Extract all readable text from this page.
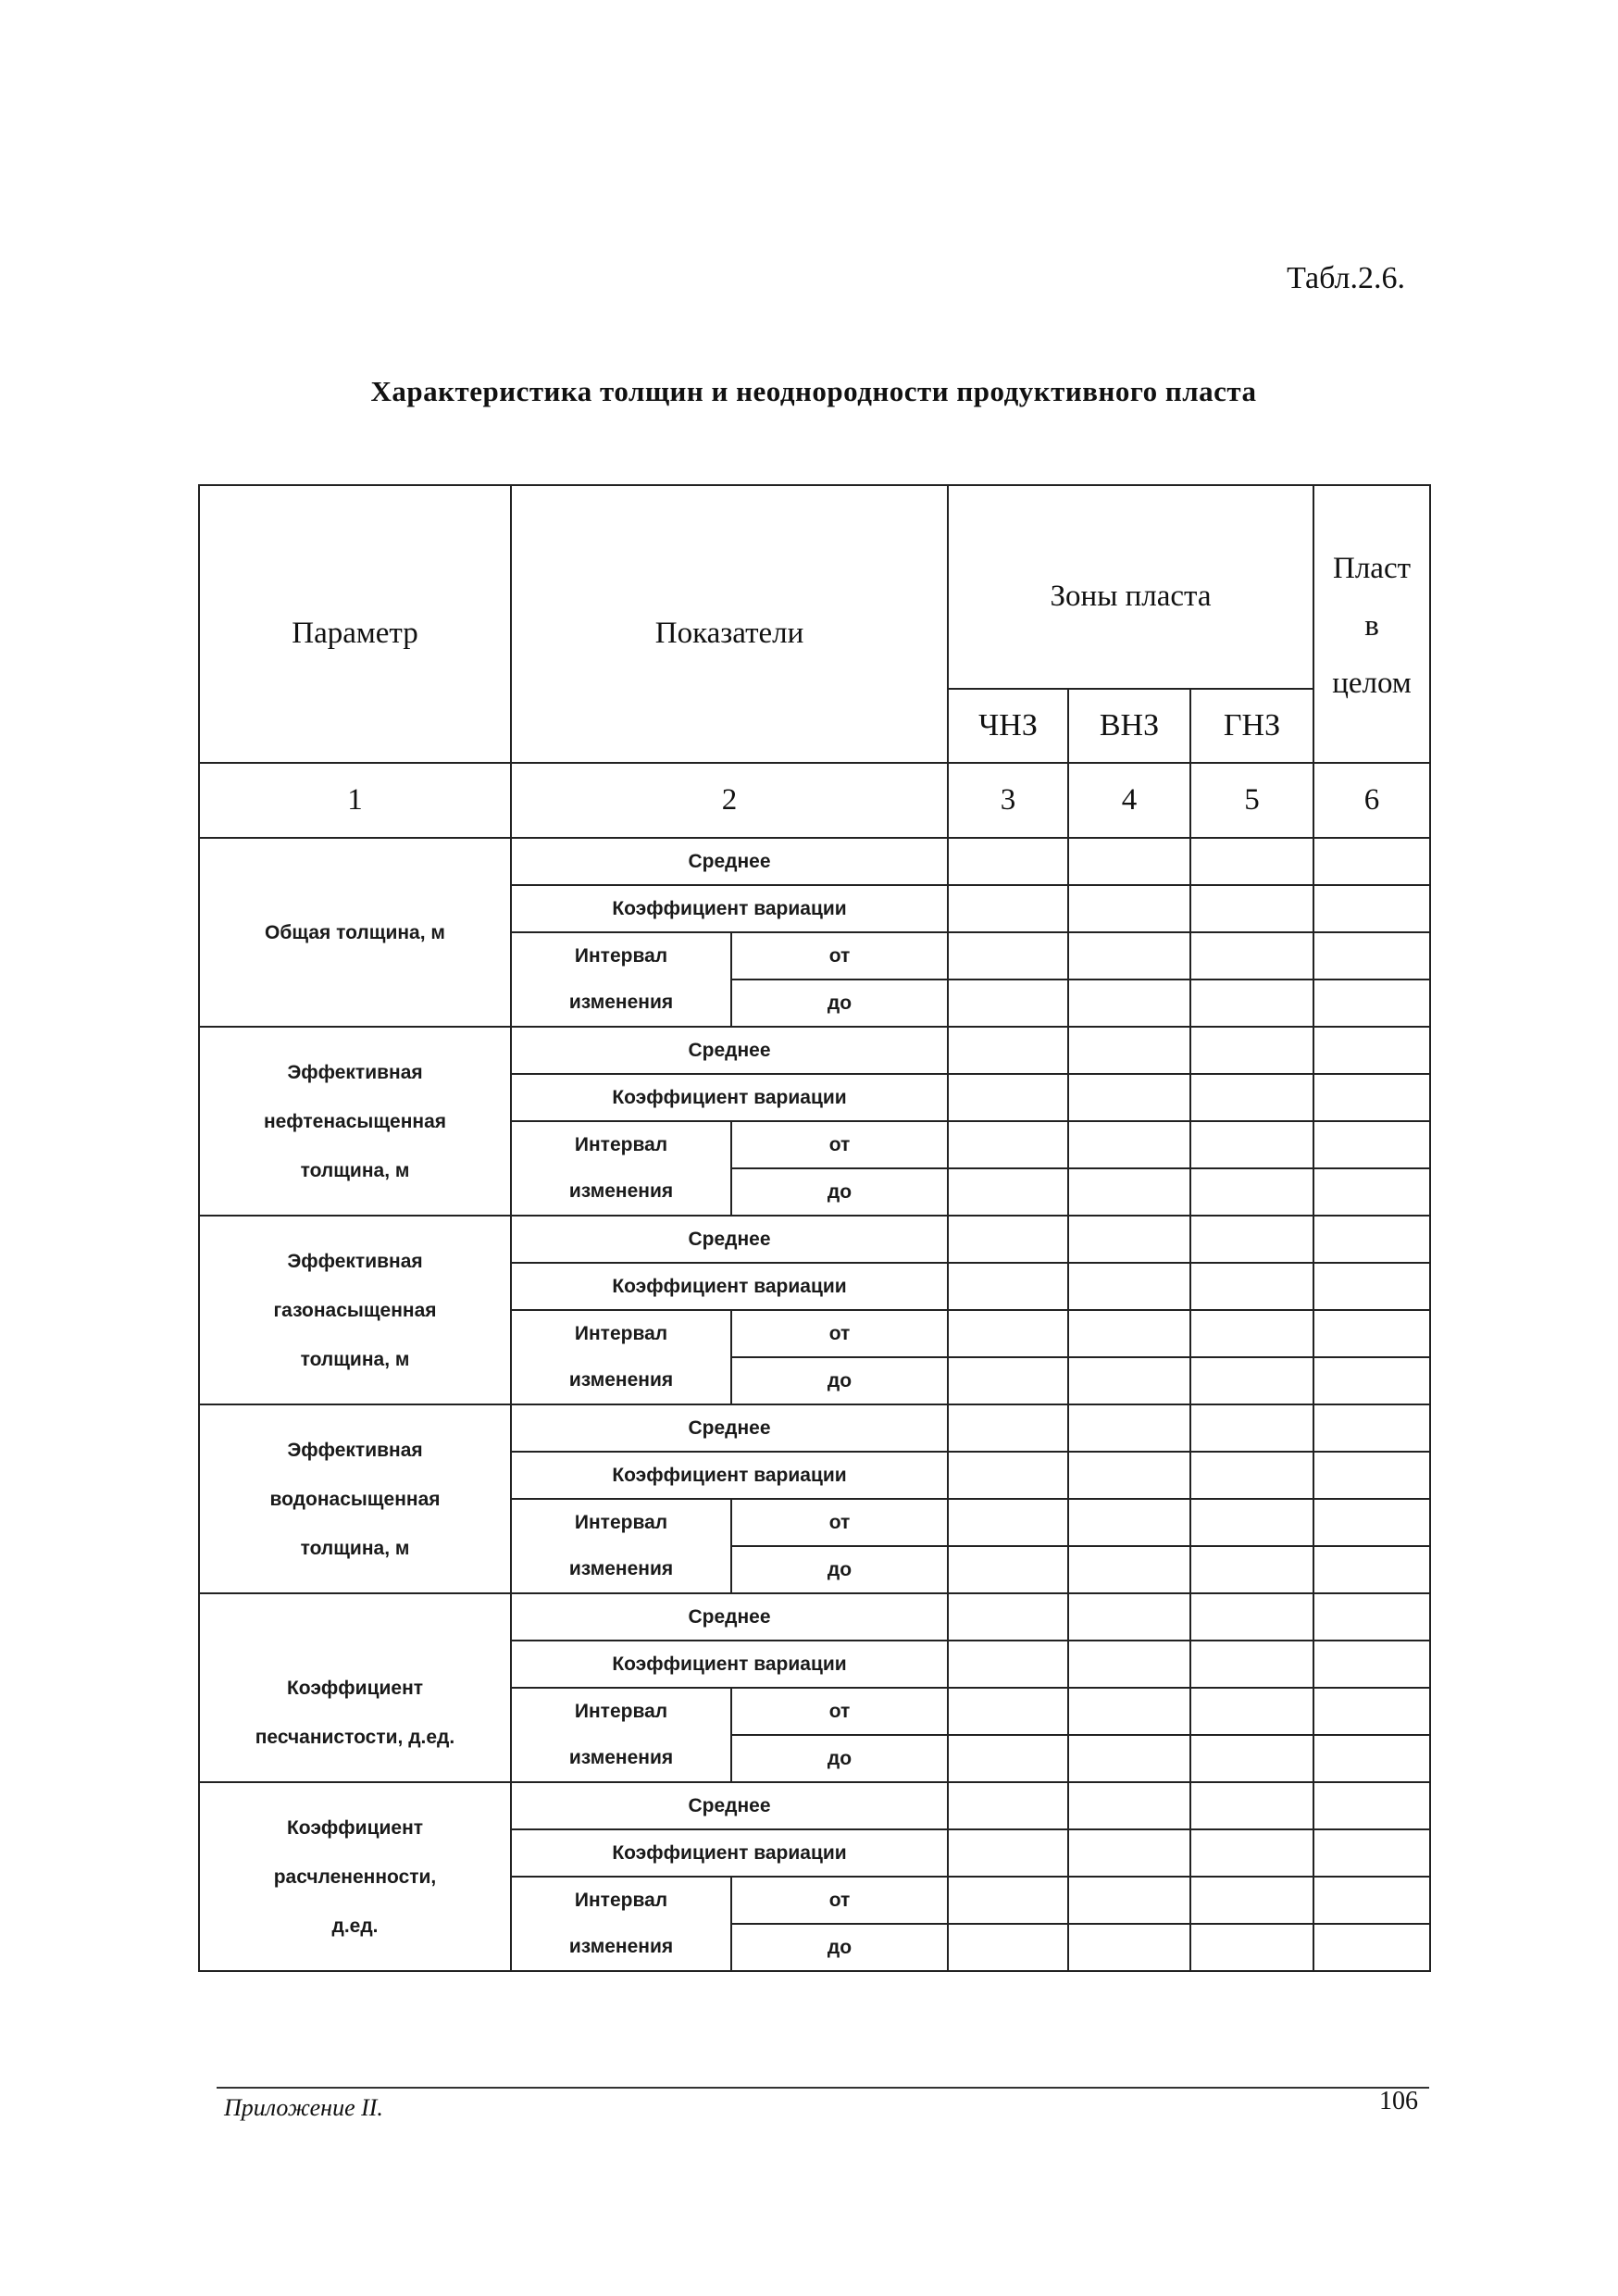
Табл.2.6.
Характеристика толщин и неоднородности продуктивного пласта
Параметр	Показатели		Зоны пласта			Пласт
в
целом

			ЧНЗ	ВНЗ	ГНЗ	
1	2		3	4	5	6

Общая толщина, м	Среднее					
	Коэффициент вариации					
	Интервал	от				
	изменения	до				

Эффективная
нефтенасыщенная
толщина, м	Среднее					
	Коэффициент вариации					
	Интервал	от				
	изменения	до				

Эффективная
газонасыщенная
толщина, м	Среднее					
	Коэффициент вариации					
	Интервал	от				
	изменения	до				

Эффективная
водонасыщенная
толщина, м	Среднее					
	Коэффициент вариации					
	Интервал	от				
	изменения	до				

Коэффициент
песчанистости, д.ед.	Среднее					
	Коэффициент вариации					
	Интервал	от				
	изменения	до				

Коэффициент
расчлененности,
д.ед.	Среднее					
	Коэффициент вариации					
	Интервал	от				
	изменения	до				
Приложение II.	106
